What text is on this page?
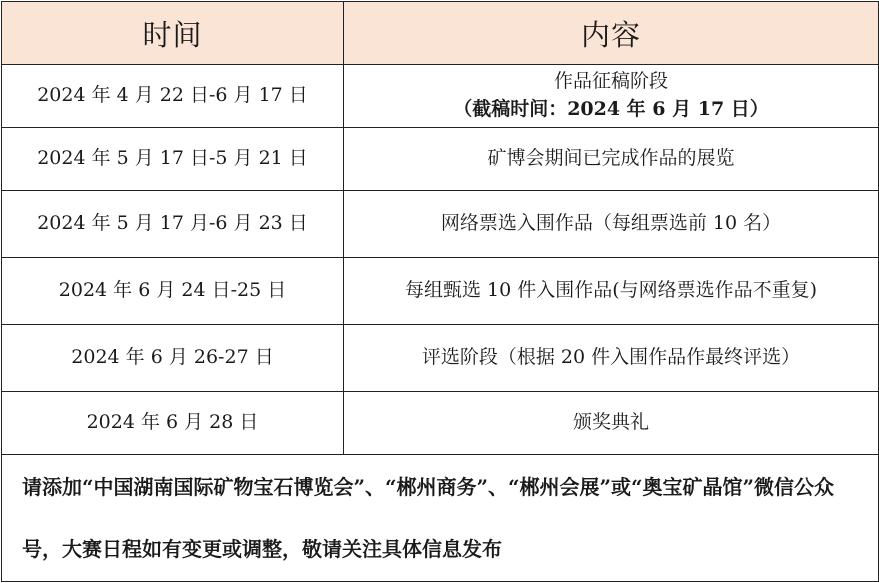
时间	内容
2024 年 4 月 22 日-6 月 17 日	作品征稿阶段
（截稿时间：2024 年 6 月 17 日）

2024 年 5 月 17 日-5 月 21 日	矿博会期间已完成作品的展览
2024 年 5 月 17 月-6 月 23 日	网络票选入围作品（每组票选前 10 名）
2024 年 6 月 24 日-25 日	每组甄选 10 件入围作品(与网络票选作品不重复)
2024 年 6 月 26-27 日	评选阶段（根据 20 件入围作品作最终评选）
2024 年 6 月 28 日	颁奖典礼
请添加“中国湖南国际矿物宝石博览会”、“郴州商务”、“郴州会展”或“奥宝矿晶馆”微信公众号，大赛日程如有变更或调整，敬请关注具体信息发布	
